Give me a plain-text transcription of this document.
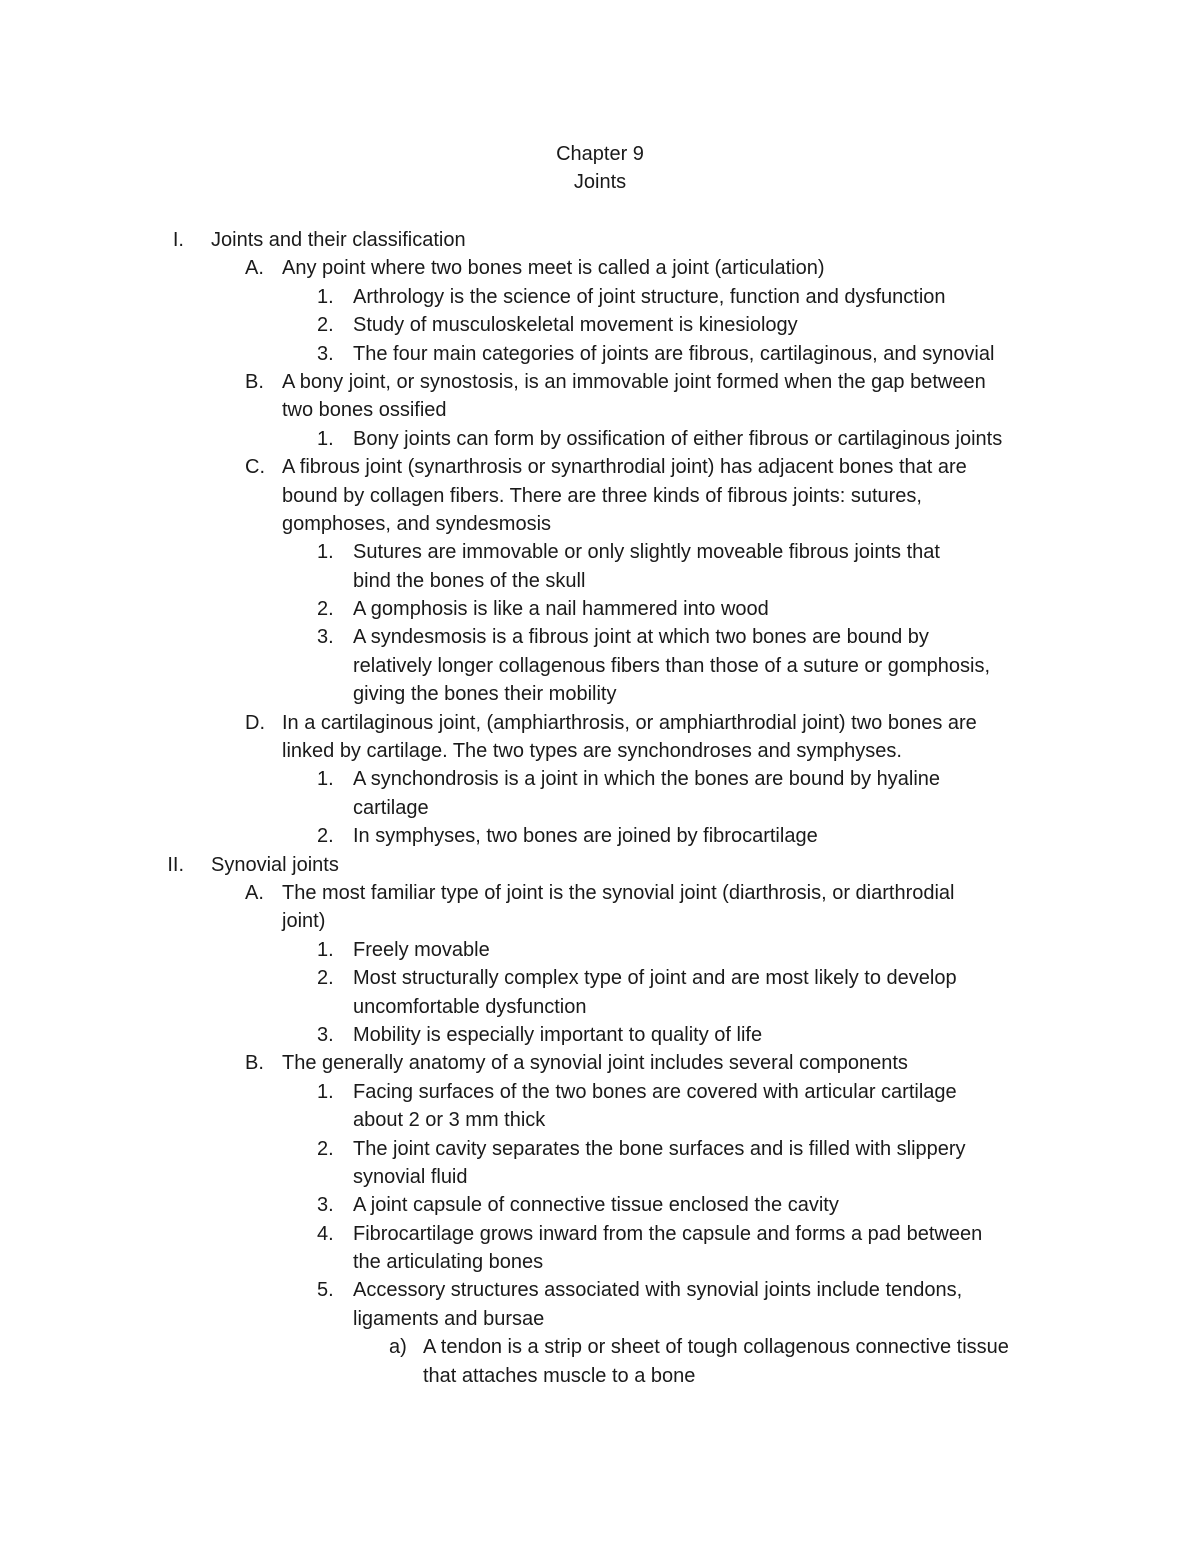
Chapter 9
Joints
I. Joints and their classification
A. Any point where two bones meet is called a joint (articulation)
1. Arthrology is the science of joint structure, function and dysfunction
2. Study of musculoskeletal movement is kinesiology
3. The four main categories of joints are fibrous, cartilaginous, and synovial
B. A bony joint, or synostosis, is an immovable joint formed when the gap between
two bones ossified
1. Bony joints can form by ossification of either fibrous or cartilaginous joints
C. A fibrous joint (synarthrosis or synarthrodial joint) has adjacent bones that are
bound by collagen fibers. There are three kinds of fibrous joints: sutures,
gomphoses, and syndesmosis
1. Sutures are immovable or only slightly moveable fibrous joints that
bind the bones of the skull
2. A gomphosis is like a nail hammered into wood
3. A syndesmosis is a fibrous joint at which two bones are bound by
relatively longer collagenous fibers than those of a suture or gomphosis,
giving the bones their mobility
D. In a cartilaginous joint, (amphiarthrosis, or amphiarthrodial joint) two bones are
linked by cartilage. The two types are synchondroses and symphyses.
1. A synchondrosis is a joint in which the bones are bound by hyaline
cartilage
2. In symphyses, two bones are joined by fibrocartilage
II. Synovial joints
A. The most familiar type of joint is the synovial joint (diarthrosis, or diarthrodial
joint)
1. Freely movable
2. Most structurally complex type of joint and are most likely to develop
uncomfortable dysfunction
3. Mobility is especially important to quality of life
B. The generally anatomy of a synovial joint includes several components
1. Facing surfaces of the two bones are covered with articular cartilage
about 2 or 3 mm thick
2. The joint cavity separates the bone surfaces and is filled with slippery
synovial fluid
3. A joint capsule of connective tissue enclosed the cavity
4. Fibrocartilage grows inward from the capsule and forms a pad between
the articulating bones
5. Accessory structures associated with synovial joints include tendons,
ligaments and bursae
a) A tendon is a strip or sheet of tough collagenous connective tissue
that attaches muscle to a bone
